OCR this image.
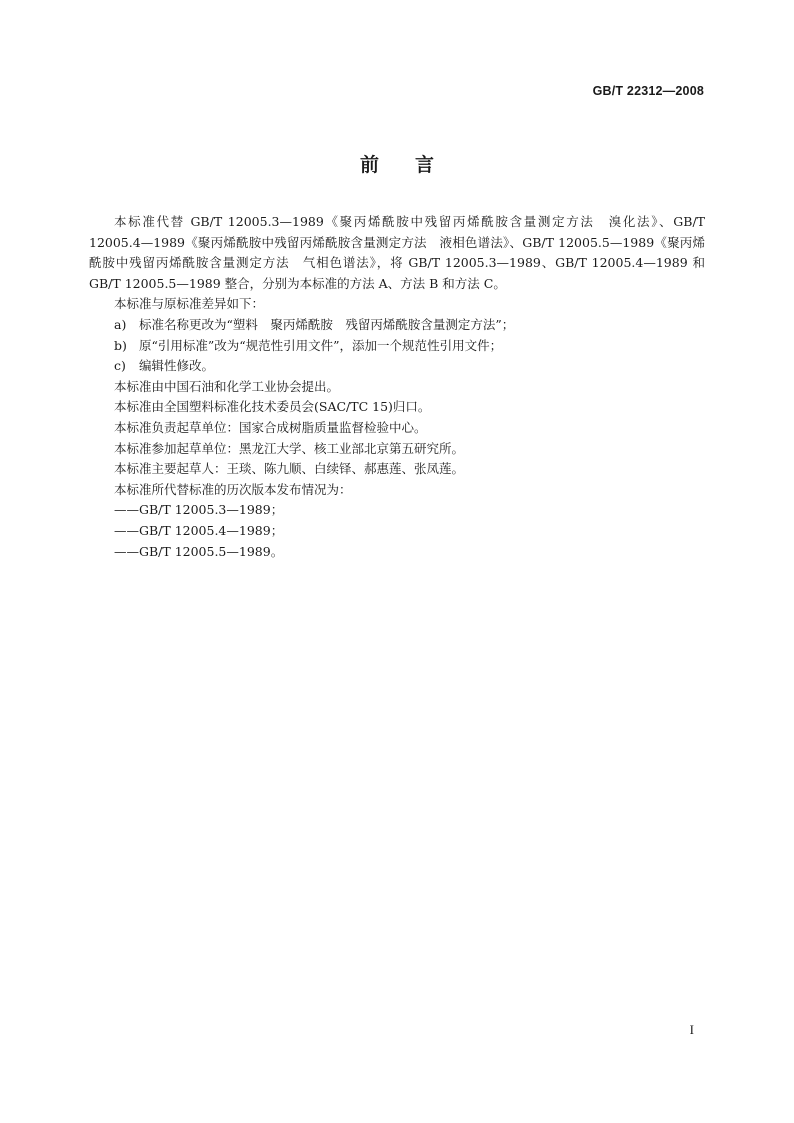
GB/T 22312—2008
前言

本标准代替 GB/T 12005.3—1989《聚丙烯酰胺中残留丙烯酰胺含量测定方法　溴化法》、GB/T 12005.4—1989《聚丙烯酰胺中残留丙烯酰胺含量测定方法　液相色谱法》、GB/T 12005.5—1989《聚丙烯酰胺中残留丙烯酰胺含量测定方法　气相色谱法》，将 GB/T 12005.3—1989、GB/T 12005.4—1989 和 GB/T 12005.5—1989 整合，分别为本标准的方法 A、方法 B 和方法 C。

本标准与原标准差异如下：

a) 标准名称更改为“塑料　聚丙烯酰胺　残留丙烯酰胺含量测定方法”；

b) 原“引用标准”改为“规范性引用文件”，添加一个规范性引用文件；

c) 编辑性修改。

本标准由中国石油和化学工业协会提出。

本标准由全国塑料标准化技术委员会(SAC/TC 15)归口。

本标准负责起草单位：国家合成树脂质量监督检验中心。

本标准参加起草单位：黑龙江大学、核工业部北京第五研究所。

本标准主要起草人：王琰、陈九顺、白续铎、郝惠莲、张凤莲。

本标准所代替标准的历次版本发布情况为：

——GB/T 12005.3—1989；

——GB/T 12005.4—1989；

——GB/T 12005.5—1989。

I
